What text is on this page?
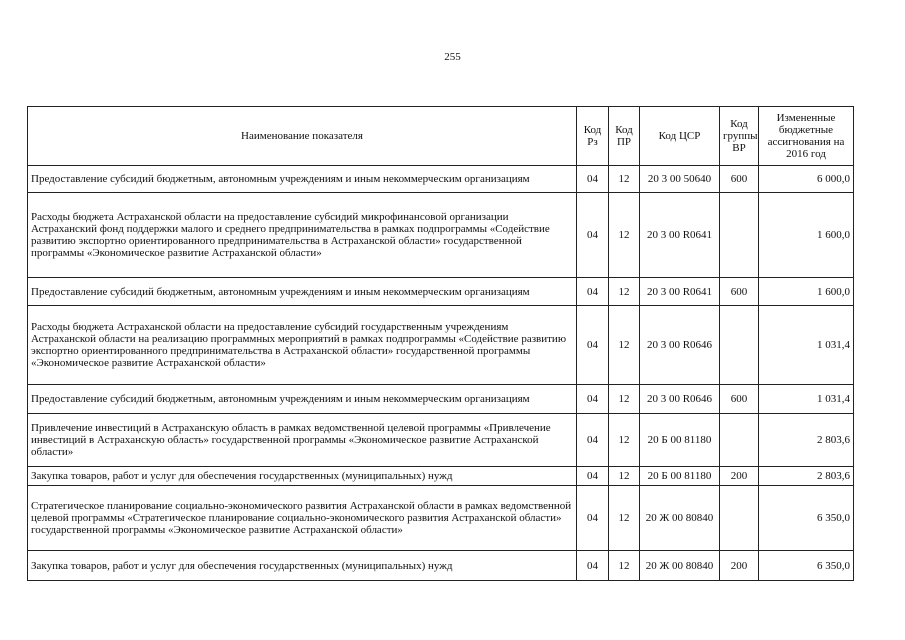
255
Наименование показателя	Код Рз	Код ПР	Код ЦСР	Код группы ВР	Измененные бюджетные ассигнования на 2016 год
Предоставление субсидий бюджетным, автономным учреждениям и иным некоммерческим организациям	04	12	20 3 00 50640	600	6 000,0
Расходы бюджета Астраханской области на предоставление субсидий микрофинансовой организации Астраханский фонд поддержки малого и среднего предпринимательства в рамках подпрограммы «Содействие развитию экспортно ориентированного предпринимательства в Астраханской области» государственной программы «Экономическое развитие Астраханской области»	04	12	20 3 00 R0641		1 600,0
Предоставление субсидий бюджетным, автономным учреждениям и иным некоммерческим организациям	04	12	20 3 00 R0641	600	1 600,0
Расходы бюджета Астраханской области на предоставление субсидий государственным учреждениям Астраханской области на реализацию программных мероприятий в рамках подпрограммы «Содействие развитию экспортно ориентированного предпринимательства в Астраханской области» государственной программы «Экономическое развитие Астраханской области»	04	12	20 3 00 R0646		1 031,4
Предоставление субсидий бюджетным, автономным учреждениям и иным некоммерческим организациям	04	12	20 3 00 R0646	600	1 031,4
Привлечение инвестиций в Астраханскую область в рамках ведомственной целевой программы «Привлечение инвестиций в Астраханскую область» государственной программы «Экономическое развитие Астраханской области»	04	12	20 Б 00 81180		2 803,6
Закупка товаров, работ и услуг для обеспечения государственных (муниципальных) нужд	04	12	20 Б 00 81180	200	2 803,6
Стратегическое планирование социально-экономического развития Астраханской области в рамках ведомственной целевой программы «Стратегическое планирование социально-экономического развития Астраханской области» государственной программы «Экономическое развитие Астраханской области»	04	12	20 Ж 00 80840		6 350,0
Закупка товаров, работ и услуг для обеспечения государственных (муниципальных) нужд	04	12	20 Ж 00 80840	200	6 350,0
